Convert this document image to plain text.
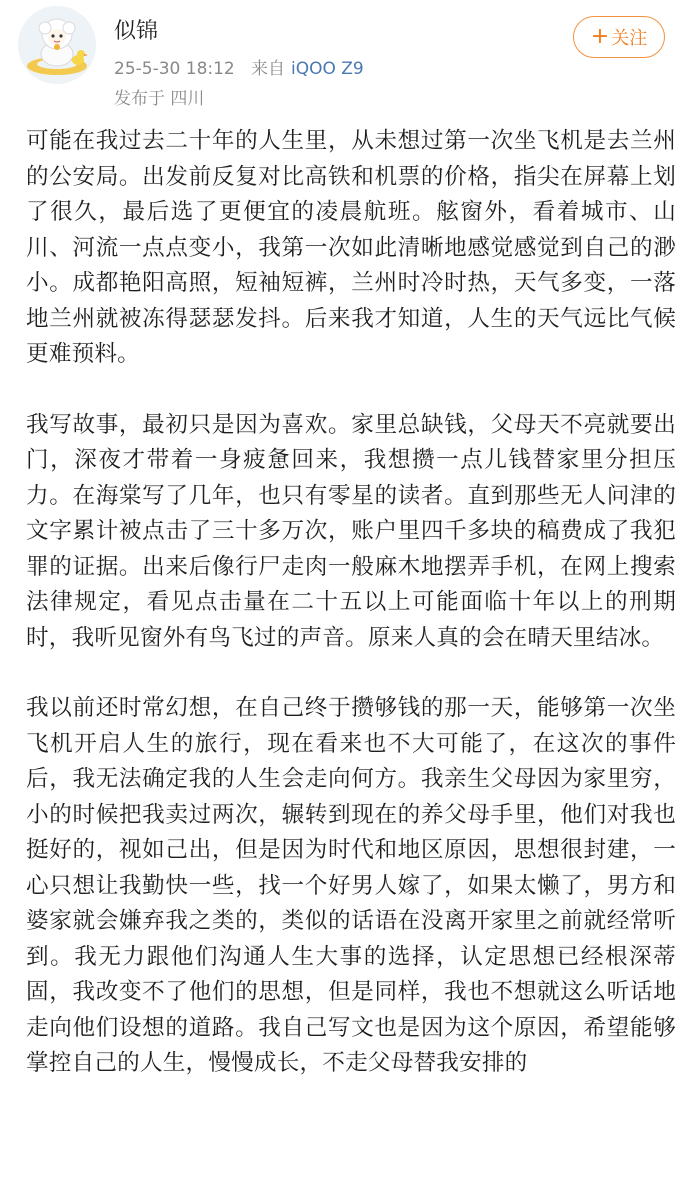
似锦
25-5-30 18:12 来自 iQOO Z9
发布于 四川
+ 关注

可能在我过去二十年的人生里，从未想过第一次坐飞机是去兰州的公安局。出发前反复对比高铁和机票的价格，指尖在屏幕上划了很久，最后选了更便宜的凌晨航班。舷窗外，看着城市、山川、河流一点点变小，我第一次如此清晰地感觉感觉到自己的渺小。成都艳阳高照，短袖短裤，兰州时冷时热，天气多变，一落地兰州就被冻得瑟瑟发抖。后来我才知道，人生的天气远比气候更难预料。

我写故事，最初只是因为喜欢。家里总缺钱，父母天不亮就要出门，深夜才带着一身疲惫回来，我想攒一点儿钱替家里分担压力。在海棠写了几年，也只有零星的读者。直到那些无人问津的文字累计被点击了三十多万次，账户里四千多块的稿费成了我犯罪的证据。出来后像行尸走肉一般麻木地摆弄手机，在网上搜索法律规定，看见点击量在二十五以上可能面临十年以上的刑期时，我听见窗外有鸟飞过的声音。原来人真的会在晴天里结冰。

我以前还时常幻想，在自己终于攒够钱的那一天，能够第一次坐飞机开启人生的旅行，现在看来也不大可能了，在这次的事件后，我无法确定我的人生会走向何方。我亲生父母因为家里穷，小的时候把我卖过两次，辗转到现在的养父母手里，他们对我也挺好的，视如己出，但是因为时代和地区原因，思想很封建，一心只想让我勤快一些，找一个好男人嫁了，如果太懒了，男方和婆家就会嫌弃我之类的，类似的话语在没离开家里之前就经常听到。我无力跟他们沟通人生大事的选择，认定思想已经根深蒂固，我改变不了他们的思想，但是同样，我也不想就这么听话地走向他们设想的道路。我自己写文也是因为这个原因，希望能够掌控自己的人生，慢慢成长，不走父母替我安排的
